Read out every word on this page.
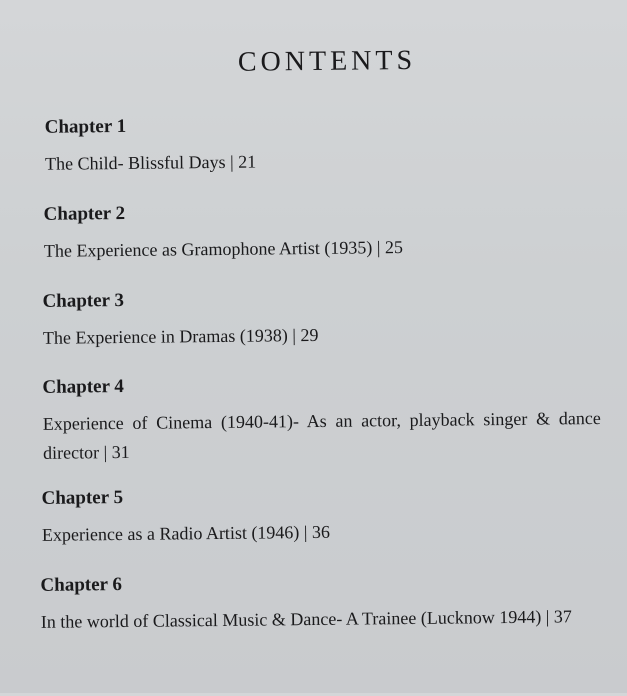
CONTENTS

Chapter 1

The Child- Blissful Days | 21

Chapter 2

The Experience as Gramophone Artist (1935) | 25

Chapter 3

The Experience in Dramas (1938) | 29

Chapter 4

Experience of Cinema (1940-41)- As an actor, playback singer & dance director | 31

Chapter 5

Experience as a Radio Artist (1946) | 36

Chapter 6

In the world of Classical Music & Dance- A Trainee (Lucknow 1944) | 37
